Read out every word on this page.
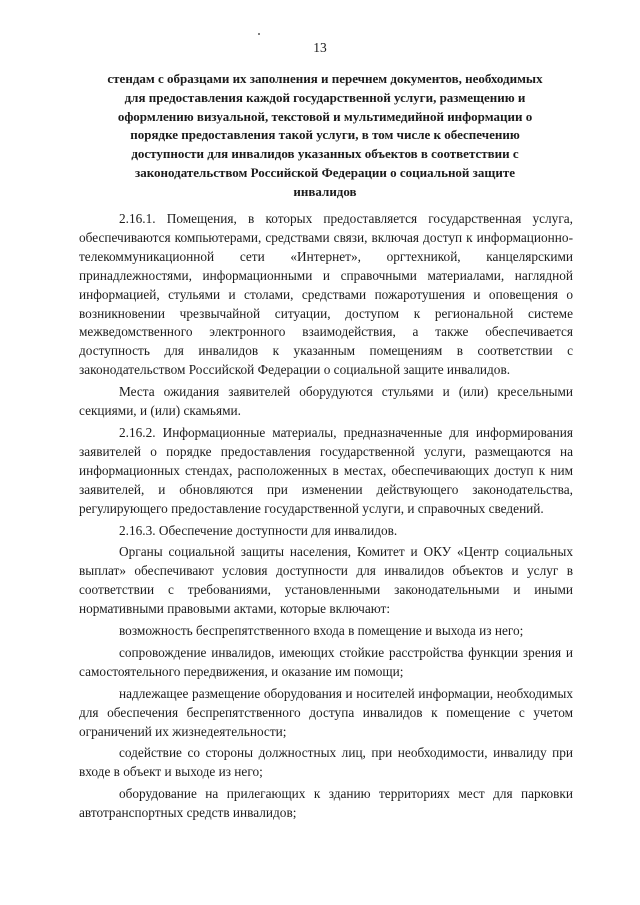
13
стендам с образцами их заполнения и перечнем документов, необходимых для предоставления каждой государственной услуги, размещению и оформлению визуальной, текстовой и мультимедийной информации о порядке предоставления такой услуги, в том числе к обеспечению доступности для инвалидов указанных объектов в соответствии с законодательством Российской Федерации о социальной защите инвалидов

2.16.1. Помещения, в которых предоставляется государственная услуга, обеспечиваются компьютерами, средствами связи, включая доступ к информационно-телекоммуникационной сети «Интернет», оргтехникой, канцелярскими принадлежностями, информационными и справочными материалами, наглядной информацией, стульями и столами, средствами пожаротушения и оповещения о возникновении чрезвычайной ситуации, доступом к региональной системе межведомственного электронного взаимодействия, а также обеспечивается доступность для инвалидов к указанным помещениям в соответствии с законодательством Российской Федерации о социальной защите инвалидов.

Места ожидания заявителей оборудуются стульями и (или) кресельными секциями, и (или) скамьями.

2.16.2. Информационные материалы, предназначенные для информирования заявителей о порядке предоставления государственной услуги, размещаются на информационных стендах, расположенных в местах, обеспечивающих доступ к ним заявителей, и обновляются при изменении действующего законодательства, регулирующего предоставление государственной услуги, и справочных сведений.

2.16.3. Обеспечение доступности для инвалидов.

Органы социальной защиты населения, Комитет и ОКУ «Центр социальных выплат» обеспечивают условия доступности для инвалидов объектов и услуг в соответствии с требованиями, установленными законодательными и иными нормативными правовыми актами, которые включают:

возможность беспрепятственного входа в помещение и выхода из него;

сопровождение инвалидов, имеющих стойкие расстройства функции зрения и самостоятельного передвижения, и оказание им помощи;

надлежащее размещение оборудования и носителей информации, необходимых для обеспечения беспрепятственного доступа инвалидов к помещение с учетом ограничений их жизнедеятельности;

содействие со стороны должностных лиц, при необходимости, инвалиду при входе в объект и выходе из него;

оборудование на прилегающих к зданию территориях мест для парковки автотранспортных средств инвалидов;
